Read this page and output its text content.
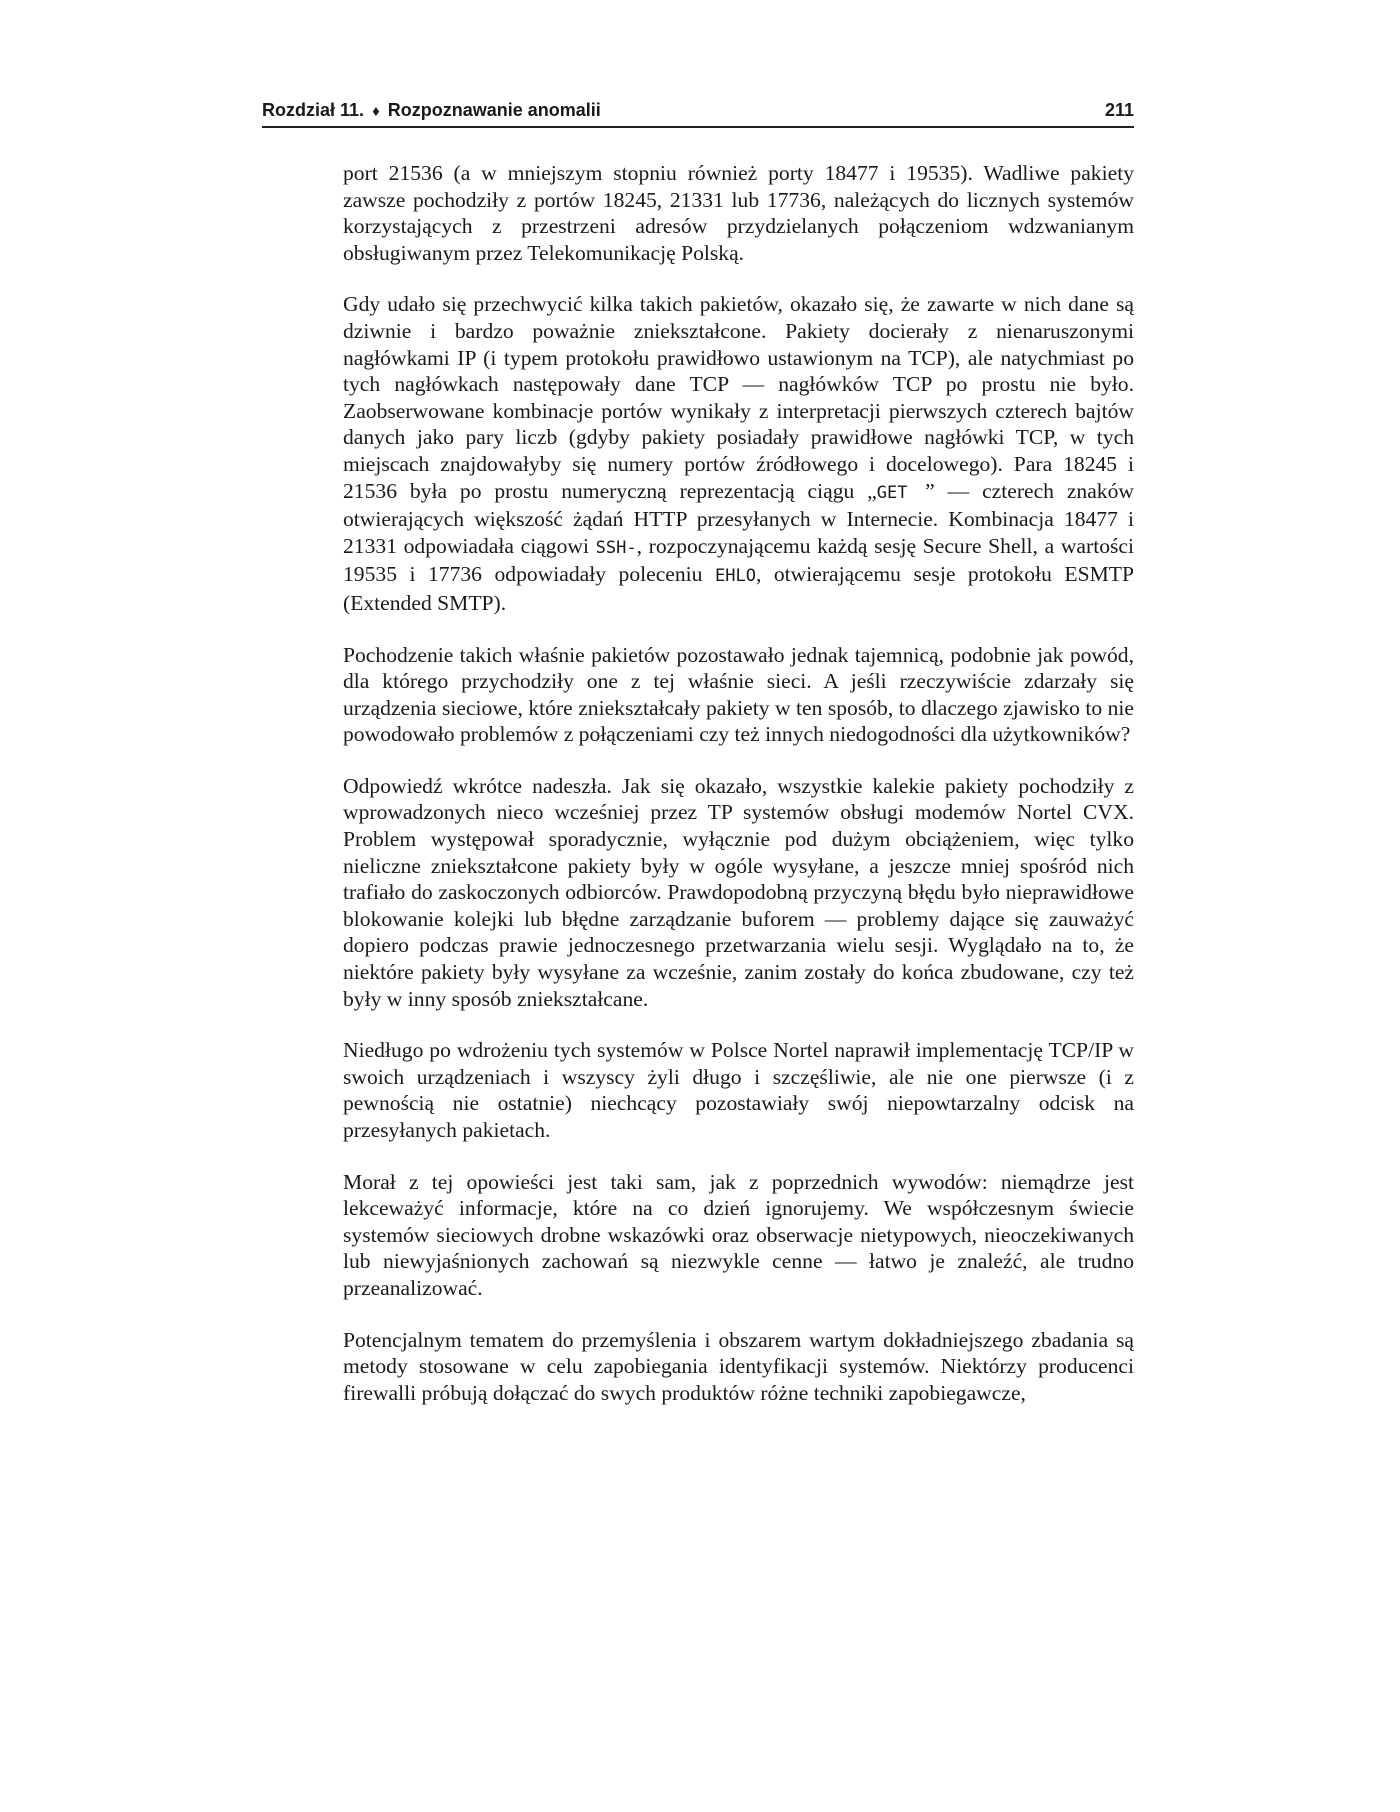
Rozdział 11. ♦ Rozpoznawanie anomalii	211

port 21536 (a w mniejszym stopniu również porty 18477 i 19535). Wadliwe pakiety zawsze pochodziły z portów 18245, 21331 lub 17736, należących do licznych systemów korzystających z przestrzeni adresów przydzielanych połączeniom wdzwanianym obsługiwanym przez Telekomunikację Polską.

Gdy udało się przechwycić kilka takich pakietów, okazało się, że zawarte w nich dane są dziwnie i bardzo poważnie zniekształcone. Pakiety docierały z nienaruszonymi nagłówkami IP (i typem protokołu prawidłowo ustawionym na TCP), ale natychmiast po tych nagłówkach następowały dane TCP — nagłówków TCP po prostu nie było. Zaobserwowane kombinacje portów wynikały z interpretacji pierwszych czterech bajtów danych jako pary liczb (gdyby pakiety posiadały prawidłowe nagłówki TCP, w tych miejscach znajdowałyby się numery portów źródłowego i docelowego). Para 18245 i 21536 była po prostu numeryczną reprezentacją ciągu „GET ” — czterech znaków otwierających większość żądań HTTP przesyłanych w Internecie. Kombinacja 18477 i 21331 odpowiadała ciągowi SSH-, rozpoczynającemu każdą sesję Secure Shell, a wartości 19535 i 17736 odpowiadały poleceniu EHLO, otwierającemu sesje protokołu ESMTP (Extended SMTP).

Pochodzenie takich właśnie pakietów pozostawało jednak tajemnicą, podobnie jak powód, dla którego przychodziły one z tej właśnie sieci. A jeśli rzeczywiście zdarzały się urządzenia sieciowe, które zniekształcały pakiety w ten sposób, to dlaczego zjawisko to nie powodowało problemów z połączeniami czy też innych niedogodności dla użytkowników?

Odpowiedź wkrótce nadeszła. Jak się okazało, wszystkie kalekie pakiety pochodziły z wprowadzonych nieco wcześniej przez TP systemów obsługi modemów Nortel CVX. Problem występował sporadycznie, wyłącznie pod dużym obciążeniem, więc tylko nieliczne zniekształcone pakiety były w ogóle wysyłane, a jeszcze mniej spośród nich trafiało do zaskoczonych odbiorców. Prawdopodobną przyczyną błędu było nieprawidłowe blokowanie kolejki lub błędne zarządzanie buforem — problemy dające się zauważyć dopiero podczas prawie jednoczesnego przetwarzania wielu sesji. Wyglądało na to, że niektóre pakiety były wysyłane za wcześnie, zanim zostały do końca zbudowane, czy też były w inny sposób zniekształcane.

Niedługo po wdrożeniu tych systemów w Polsce Nortel naprawił implementację TCP/IP w swoich urządzeniach i wszyscy żyli długo i szczęśliwie, ale nie one pierwsze (i z pewnością nie ostatnie) niechcący pozostawiały swój niepowtarzalny odcisk na przesyłanych pakietach.

Morał z tej opowieści jest taki sam, jak z poprzednich wywodów: niemądrze jest lekceważyć informacje, które na co dzień ignorujemy. We współczesnym świecie systemów sieciowych drobne wskazówki oraz obserwacje nietypowych, nieoczekiwanych lub niewyjaśnionych zachowań są niezwykle cenne — łatwo je znaleźć, ale trudno przeanalizować.

Potencjalnym tematem do przemyślenia i obszarem wartym dokładniejszego zbadania są metody stosowane w celu zapobiegania identyfikacji systemów. Niektórzy producenci firewalli próbują dołączać do swych produktów różne techniki zapobiegawcze,
